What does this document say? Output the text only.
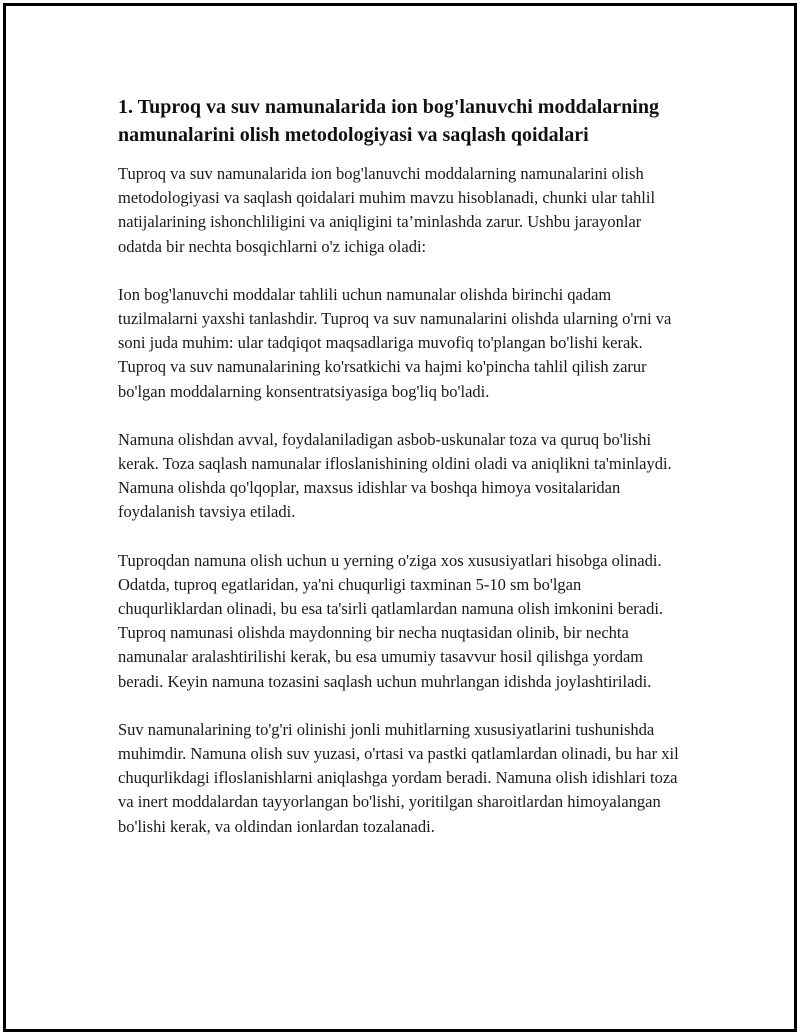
1. Tuproq va suv namunalarida ion bog'lanuvchi moddalarning namunalarini olish metodologiyasi va saqlash qoidalari

Tuproq va suv namunalarida ion bog'lanuvchi moddalarning namunalarini olish metodologiyasi va saqlash qoidalari muhim mavzu hisoblanadi, chunki ular tahlil natijalarining ishonchliligini va aniqligini ta’minlashda zarur. Ushbu jarayonlar odatda bir nechta bosqichlarni o'z ichiga oladi:

Ion bog'lanuvchi moddalar tahlili uchun namunalar olishda birinchi qadam tuzilmalarni yaxshi tanlashdir. Tuproq va suv namunalarini olishda ularning o'rni va soni juda muhim: ular tadqiqot maqsadlariga muvofiq to'plangan bo'lishi kerak. Tuproq va suv namunalarining ko'rsatkichi va hajmi ko'pincha tahlil qilish zarur bo'lgan moddalarning konsentratsiyasiga bog'liq bo'ladi.

Namuna olishdan avval, foydalaniladigan asbob-uskunalar toza va quruq bo'lishi kerak. Toza saqlash namunalar ifloslanishining oldini oladi va aniqlikni ta'minlaydi. Namuna olishda qo'lqoplar, maxsus idishlar va boshqa himoya vositalaridan foydalanish tavsiya etiladi.

Tuproqdan namuna olish uchun u yerning o'ziga xos xususiyatlari hisobga olinadi. Odatda, tuproq egatlaridan, ya'ni chuqurligi taxminan 5-10 sm bo'lgan chuqurliklardan olinadi, bu esa ta'sirli qatlamlardan namuna olish imkonini beradi. Tuproq namunasi olishda maydonning bir necha nuqtasidan olinib, bir nechta namunalar aralashtirilishi kerak, bu esa umumiy tasavvur hosil qilishga yordam beradi. Keyin namuna tozasini saqlash uchun muhrlangan idishda joylashtiriladi.

Suv namunalarining to'g'ri olinishi jonli muhitlarning xususiyatlarini tushunishda muhimdir. Namuna olish suv yuzasi, o'rtasi va pastki qatlamlardan olinadi, bu har xil chuqurlikdagi ifloslanishlarni aniqlashga yordam beradi. Namuna olish idishlari toza va inert moddalardan tayyorlangan bo'lishi, yoritilgan sharoitlardan himoyalangan bo'lishi kerak, va oldindan ionlardan tozalanadi.
